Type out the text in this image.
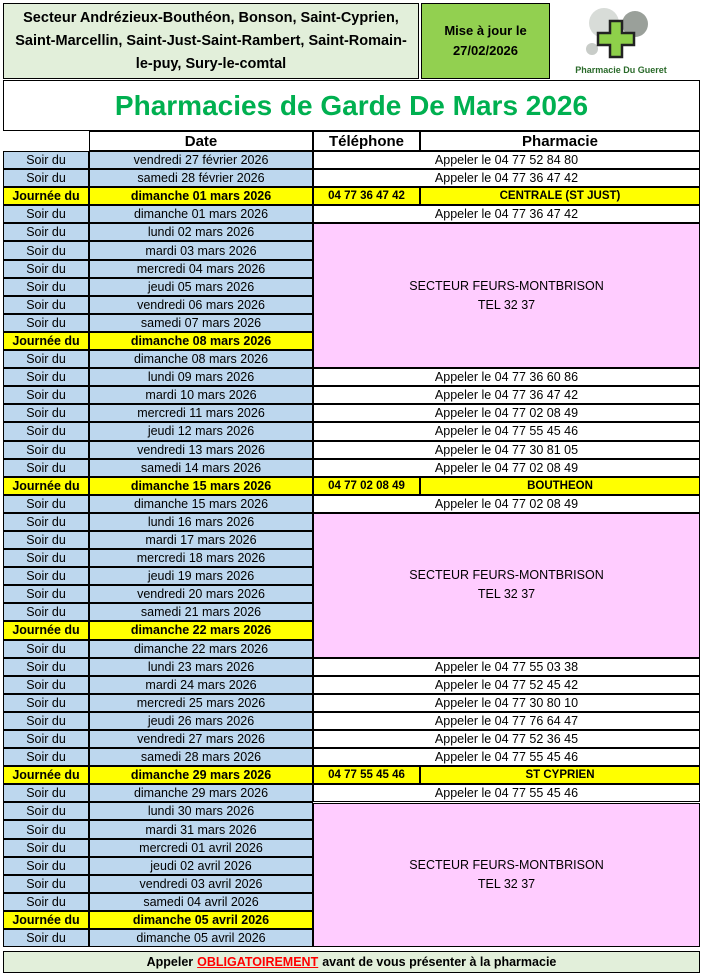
Secteur Andrézieux-Bouthéon, Bonson, Saint-Cyprien, Saint-Marcellin, Saint-Just-Saint-Rambert, Saint-Romain-le-puy, Sury-le-comtal
Mise à jour le
27/02/2026
Pharmacie Du Gueret
Pharmacies de Garde De Mars 2026
Date	Téléphone	Pharmacie
Soir du	vendredi 27 février 2026	Appeler le 04 77 52 84 80
Soir du	samedi 28 février 2026	Appeler le 04 77 36 47 42
Journée du	dimanche 01 mars 2026	04 77 36 47 42	CENTRALE (ST JUST)
Soir du	dimanche 01 mars 2026	Appeler le 04 77 36 47 42
Soir du	lundi 02 mars 2026
Soir du	mardi 03 mars 2026
Soir du	mercredi 04 mars 2026
Soir du	jeudi 05 mars 2026
Soir du	vendredi 06 mars 2026
Soir du	samedi 07 mars 2026
Journée du	dimanche 08 mars 2026
Soir du	dimanche 08 mars 2026
Soir du	lundi 09 mars 2026	Appeler le 04 77 36 60 86
Soir du	mardi 10 mars 2026	Appeler le 04 77 36 47 42
Soir du	mercredi 11 mars 2026	Appeler le 04 77 02 08 49
Soir du	jeudi 12 mars 2026	Appeler le 04 77 55 45 46
Soir du	vendredi 13 mars 2026	Appeler le 04 77 30 81 05
Soir du	samedi 14 mars 2026	Appeler le 04 77 02 08 49
Journée du	dimanche 15 mars 2026	04 77 02 08 49	BOUTHEON
Soir du	dimanche 15 mars 2026	Appeler le 04 77 02 08 49
Soir du	lundi 16 mars 2026
Soir du	mardi 17 mars 2026
Soir du	mercredi 18 mars 2026
Soir du	jeudi 19 mars 2026
Soir du	vendredi 20 mars 2026
Soir du	samedi 21 mars 2026
Journée du	dimanche 22 mars 2026
Soir du	dimanche 22 mars 2026
Soir du	lundi 23 mars 2026	Appeler le 04 77 55 03 38
Soir du	mardi 24 mars 2026	Appeler le 04 77 52 45 42
Soir du	mercredi 25 mars 2026	Appeler le 04 77 30 80 10
Soir du	jeudi 26 mars 2026	Appeler le 04 77 76 64 47
Soir du	vendredi 27 mars 2026	Appeler le 04 77 52 36 45
Soir du	samedi 28 mars 2026	Appeler le 04 77 55 45 46
Journée du	dimanche 29 mars 2026	04 77 55 45 46	ST CYPRIEN
Soir du	dimanche 29 mars 2026	Appeler le 04 77 55 45 46
Soir du	lundi 30 mars 2026
Soir du	mardi 31 mars 2026
Soir du	mercredi 01 avril 2026
Soir du	jeudi 02 avril 2026
Soir du	vendredi 03 avril 2026
Soir du	samedi 04 avril 2026
Journée du	dimanche 05 avril 2026
Soir du	dimanche 05 avril 2026
SECTEUR FEURS-MONTBRISON
TEL 32 37
SECTEUR FEURS-MONTBRISON
TEL 32 37
SECTEUR FEURS-MONTBRISON
TEL 32 37
Appeler OBLIGATOIREMENT avant de vous présenter à la pharmacie
